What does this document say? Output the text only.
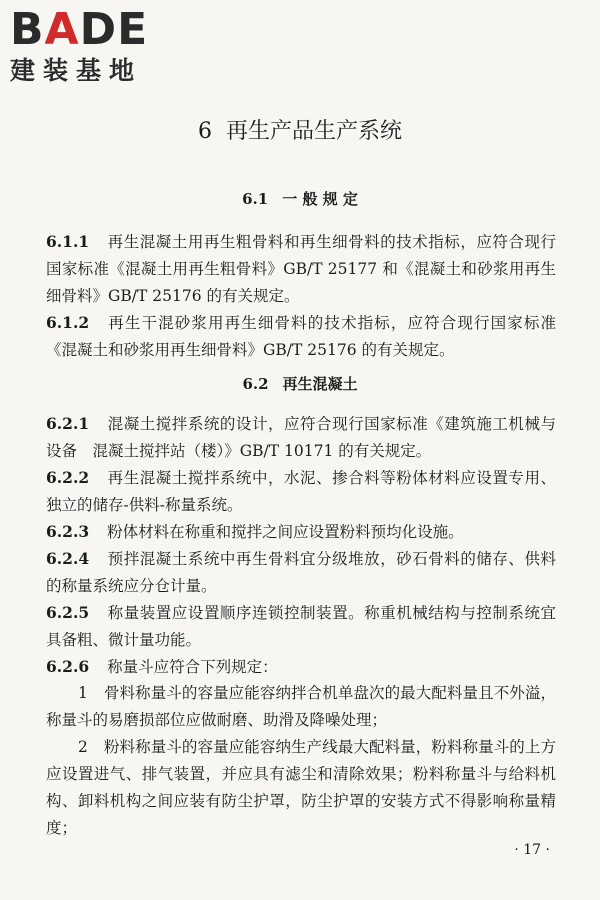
BADE
建装基地
6 再生产品生产系统
6.1 一 般 规 定
6.1.1 再生混凝土用再生粗骨料和再生细骨料的技术指标，应符合现行国家标准《混凝土用再生粗骨料》GB/T 25177 和《混凝土和砂浆用再生细骨料》GB/T 25176 的有关规定。
6.1.2 再生干混砂浆用再生细骨料的技术指标，应符合现行国家标准《混凝土和砂浆用再生细骨料》GB/T 25176 的有关规定。
6.2 再生混凝土
6.2.1 混凝土搅拌系统的设计，应符合现行国家标准《建筑施工机械与设备　混凝土搅拌站（楼）》GB/T 10171 的有关规定。
6.2.2 再生混凝土搅拌系统中，水泥、掺合料等粉体材料应设置专用、独立的储存-供料-称量系统。
6.2.3 粉体材料在称重和搅拌之间应设置粉料预均化设施。
6.2.4 预拌混凝土系统中再生骨料宜分级堆放，砂石骨料的储存、供料的称量系统应分仓计量。
6.2.5 称量装置应设置顺序连锁控制装置。称重机械结构与控制系统宜具备粗、微计量功能。
6.2.6 称量斗应符合下列规定：
1 骨料称量斗的容量应能容纳拌合机单盘次的最大配料量且不外溢，称量斗的易磨损部位应做耐磨、助滑及降噪处理；
2 粉料称量斗的容量应能容纳生产线最大配料量，粉料称量斗的上方应设置进气、排气装置，并应具有滤尘和清除效果；粉料称量斗与给料机构、卸料机构之间应装有防尘护罩，防尘护罩的安装方式不得影响称量精度；
· 17 ·
